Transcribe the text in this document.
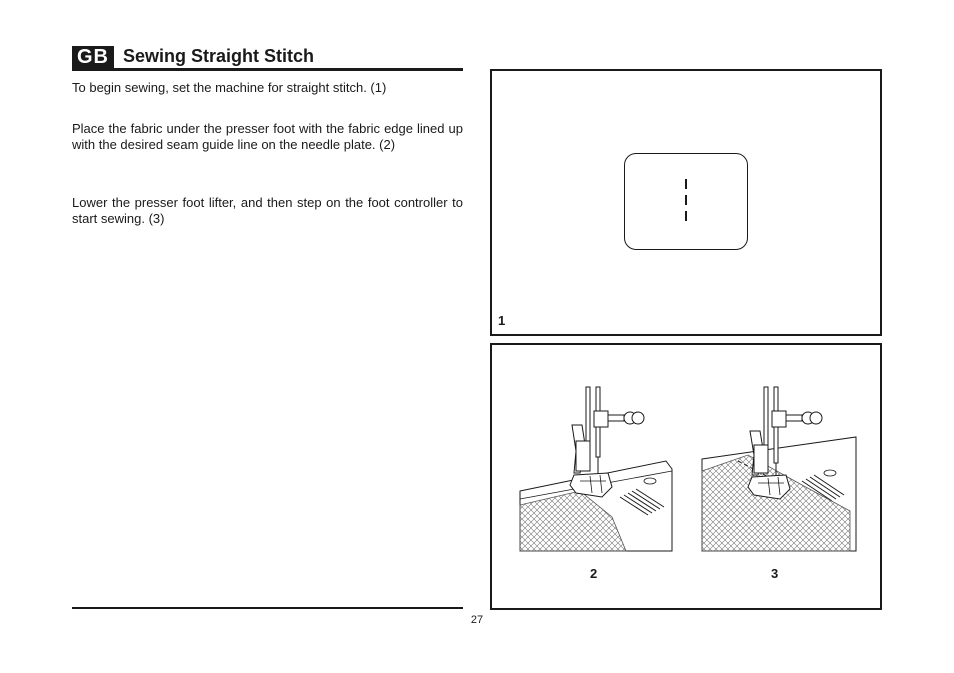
GB Sewing Straight Stitch

To begin sewing, set the machine for straight stitch. (1)

Place the fabric under the presser foot with the fabric edge lined up with the desired seam guide line on the needle plate. (2)

Lower the presser foot lifter, and then step on the foot controller to start sewing. (3)

27
1
2	3
